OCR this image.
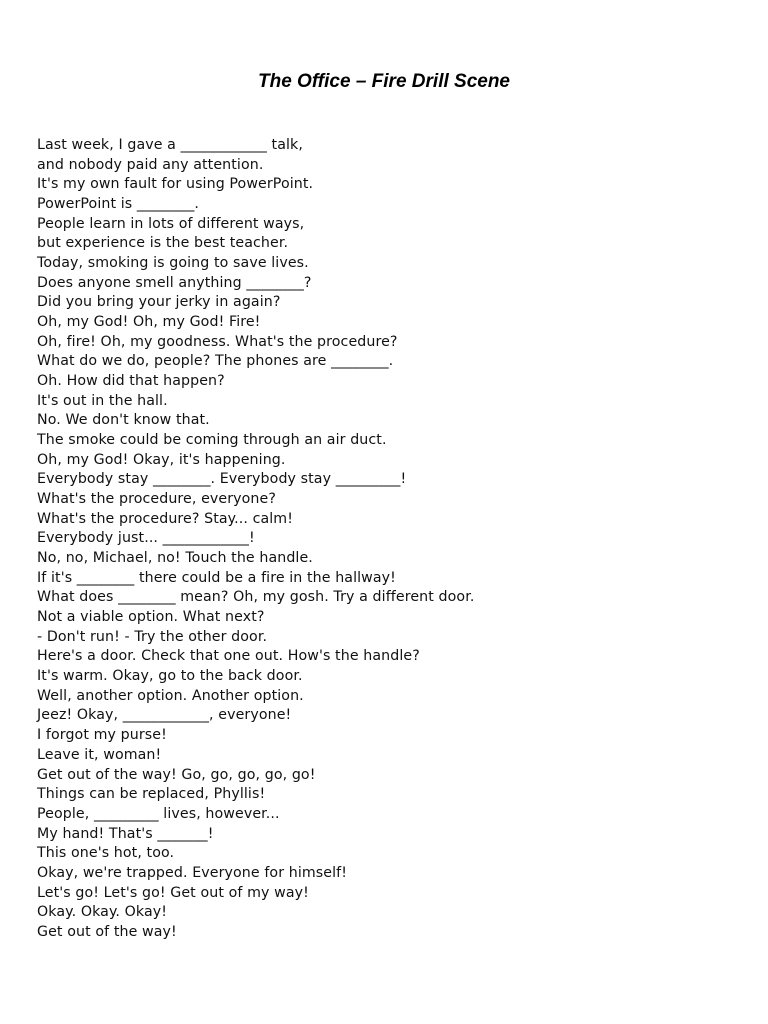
The Office – Fire Drill Scene
Last week, I gave a ____________ talk,
and nobody paid any attention.
It's my own fault for using PowerPoint.
PowerPoint is ________.
People learn in lots of different ways,
but experience is the best teacher.
Today, smoking is going to save lives.
Does anyone smell anything ________?
Did you bring your jerky in again?
Oh, my God! Oh, my God! Fire!
Oh, fire! Oh, my goodness. What's the procedure?
What do we do, people? The phones are ________.
Oh. How did that happen?
It's out in the hall.
No. We don't know that.
The smoke could be coming through an air duct.
Oh, my God! Okay, it's happening.
Everybody stay ________. Everybody stay _________!
What's the procedure, everyone?
What's the procedure? Stay... calm!
Everybody just... ____________!
No, no, Michael, no! Touch the handle.
If it's ________ there could be a fire in the hallway!
What does ________ mean? Oh, my gosh. Try a different door.
Not a viable option. What next?
- Don't run! - Try the other door.
Here's a door. Check that one out. How's the handle?
It's warm. Okay, go to the back door.
Well, another option. Another option.
Jeez! Okay, ____________, everyone!
I forgot my purse!
Leave it, woman!
Get out of the way! Go, go, go, go, go!
Things can be replaced, Phyllis!
People, _________ lives, however...
My hand! That's _______!
This one's hot, too.
Okay, we're trapped. Everyone for himself!
Let's go! Let's go! Get out of my way!
Okay. Okay. Okay!
Get out of the way!
